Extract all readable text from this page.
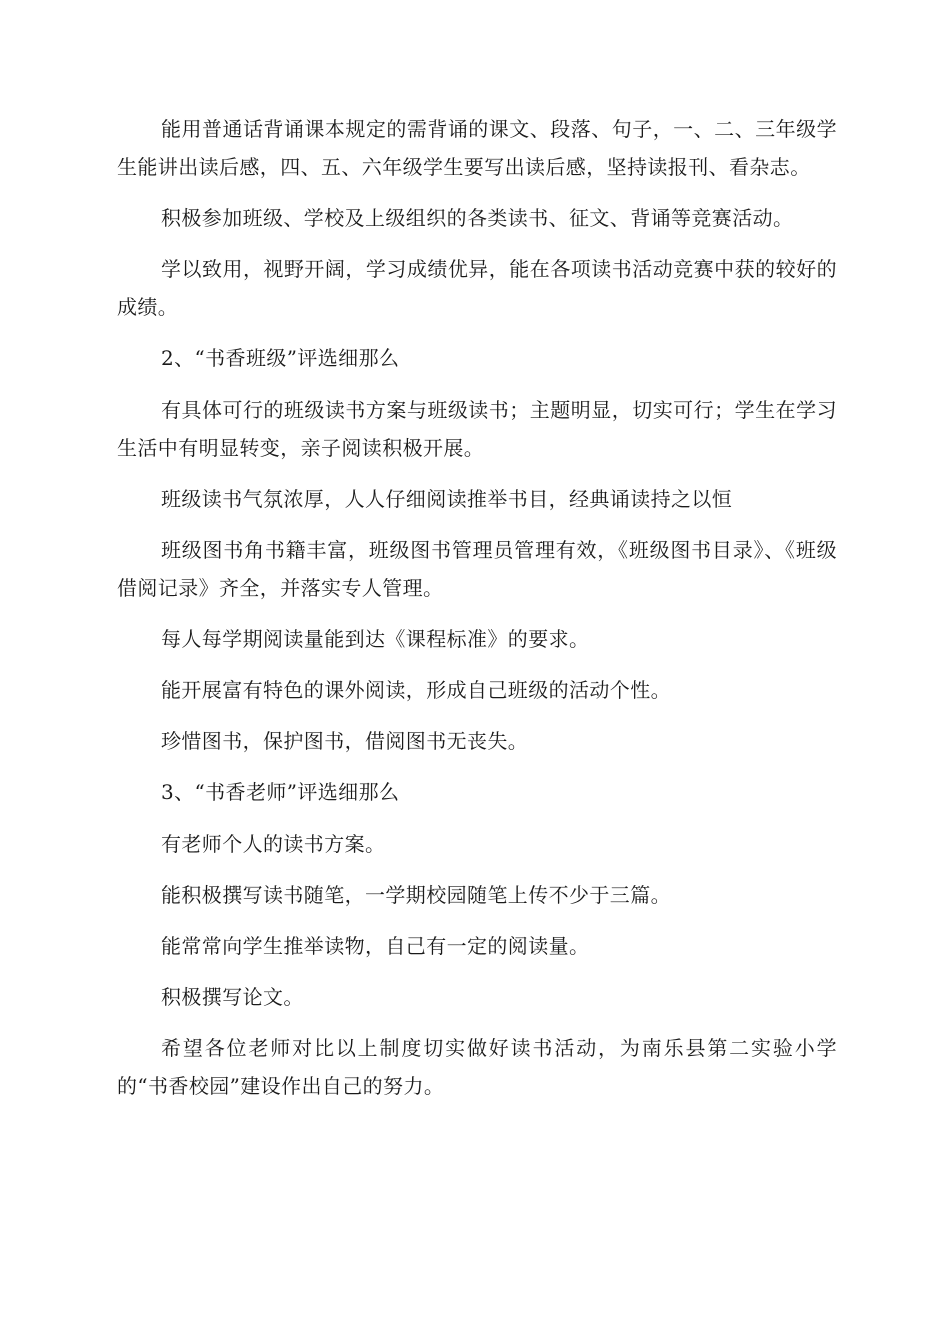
能用普通话背诵课本规定的需背诵的课文、段落、句子，一、二、三年级学生能讲出读后感，四、五、六年级学生要写出读后感，坚持读报刊、看杂志。

积极参加班级、学校及上级组织的各类读书、征文、背诵等竞赛活动。

学以致用，视野开阔，学习成绩优异，能在各项读书活动竞赛中获的较好的成绩。

2、“书香班级”评选细那么

有具体可行的班级读书方案与班级读书；主题明显，切实可行；学生在学习生活中有明显转变，亲子阅读积极开展。

班级读书气氛浓厚，人人仔细阅读推举书目，经典诵读持之以恒

班级图书角书籍丰富，班级图书管理员管理有效，《班级图书目录》、《班级借阅记录》齐全，并落实专人管理。

每人每学期阅读量能到达《课程标准》的要求。

能开展富有特色的课外阅读，形成自己班级的活动个性。

珍惜图书，保护图书，借阅图书无丧失。

3、“书香老师”评选细那么

有老师个人的读书方案。

能积极撰写读书随笔，一学期校园随笔上传不少于三篇。

能常常向学生推举读物，自己有一定的阅读量。

积极撰写论文。

希望各位老师对比以上制度切实做好读书活动，为南乐县第二实验小学的“书香校园”建设作出自己的努力。
